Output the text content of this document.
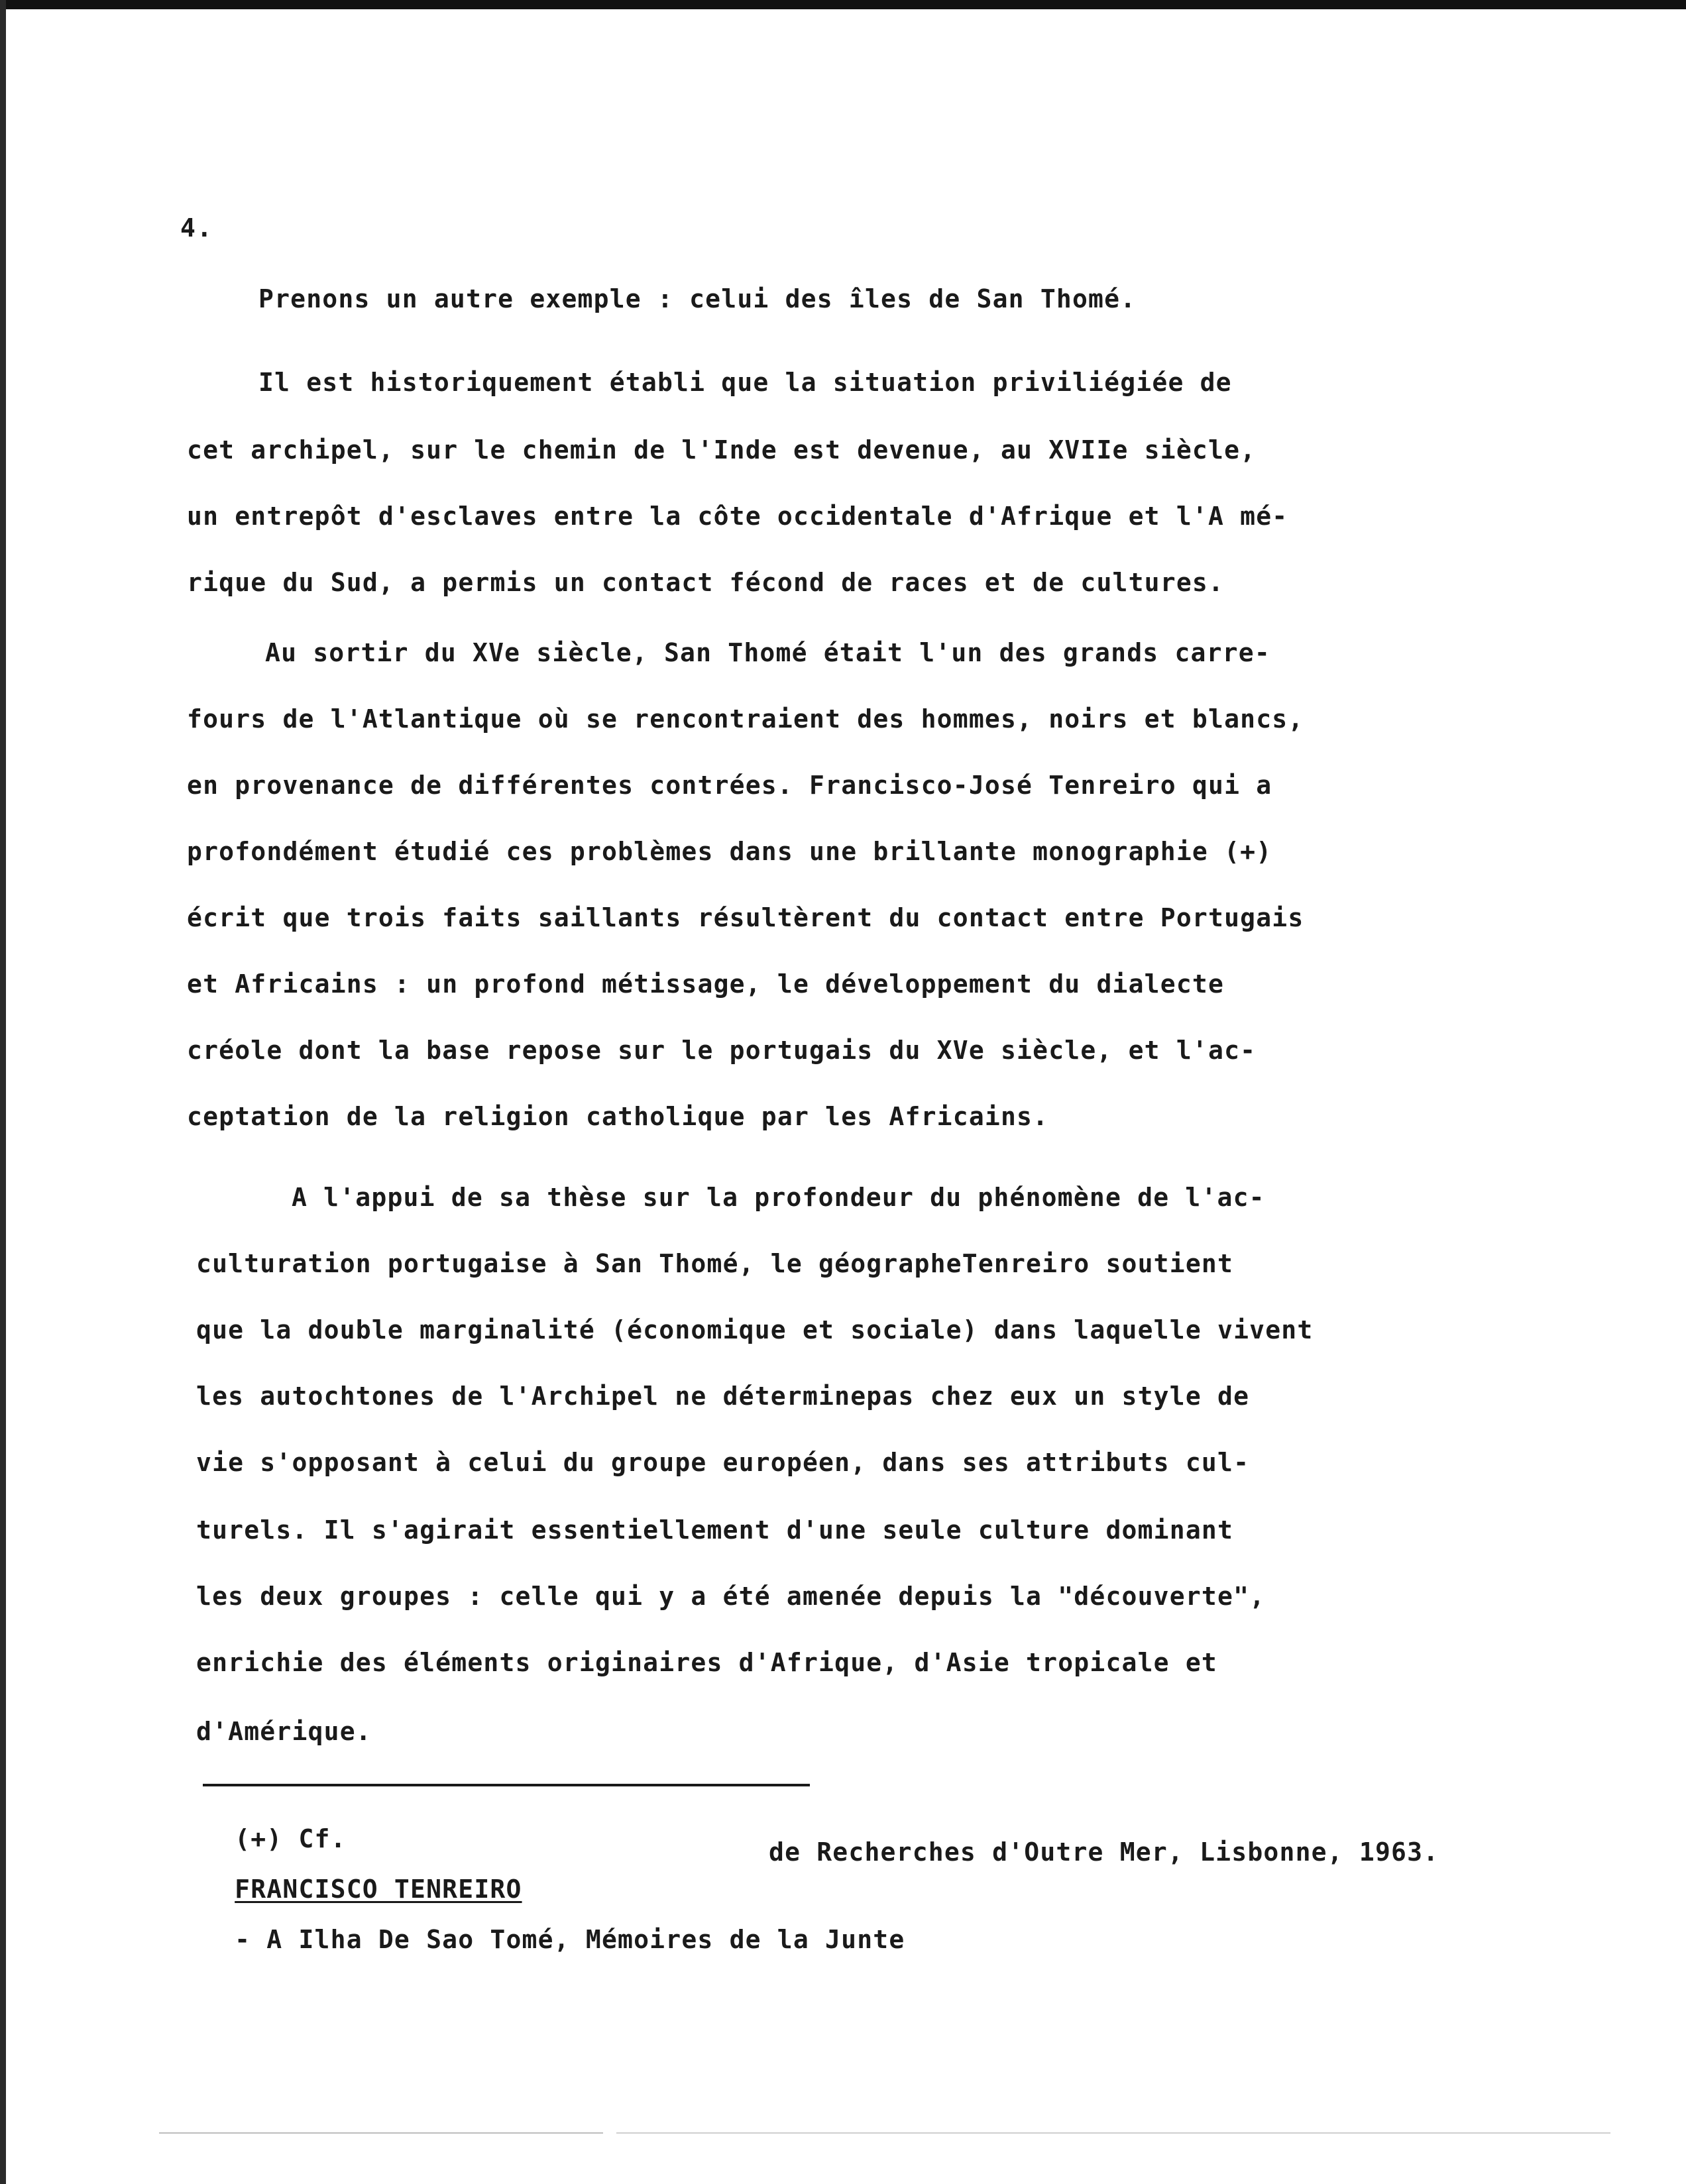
4.
Prenons un autre exemple : celui des îles de San Thomé.
Il est historiquement établi que la situation priviliégiée de
cet archipel, sur le chemin de l'Inde est devenue, au XVIIe siècle,
un entrepôt d'esclaves entre la côte occidentale d'Afrique et l'A mé-
rique du Sud, a permis un contact fécond de races et de cultures.
Au sortir du XVe siècle, San Thomé était l'un des grands carre-
fours de l'Atlantique où se rencontraient des hommes, noirs et blancs,
en provenance de différentes contrées. Francisco-José Tenreiro qui a
profondément étudié ces problèmes dans une brillante monographie (+)
écrit que trois faits saillants résultèrent du contact entre Portugais
et Africains : un profond métissage, le développement du dialecte
créole dont la base repose sur le portugais du XVe siècle, et l'ac-
ceptation de la religion catholique par les Africains.
A l'appui de sa thèse sur la profondeur du phénomène de l'ac-
culturation portugaise à San Thomé, le géographeTenreiro soutient
que la double marginalité (économique et sociale) dans laquelle vivent
les autochtones de l'Archipel ne déterminepas chez eux un style de
vie s'opposant à celui du groupe européen, dans ses attributs cul-
turels. Il s'agirait essentiellement d'une seule culture dominant
les deux groupes : celle qui y a été amenée depuis la "découverte",
enrichie des éléments originaires d'Afrique, d'Asie tropicale et
d'Amérique.

(+) Cf.

FRANCISCO TENREIRO

- A Ilha De Sao Tomé, Mémoires de la Junte

de Recherches d'Outre Mer, Lisbonne, 1963.
